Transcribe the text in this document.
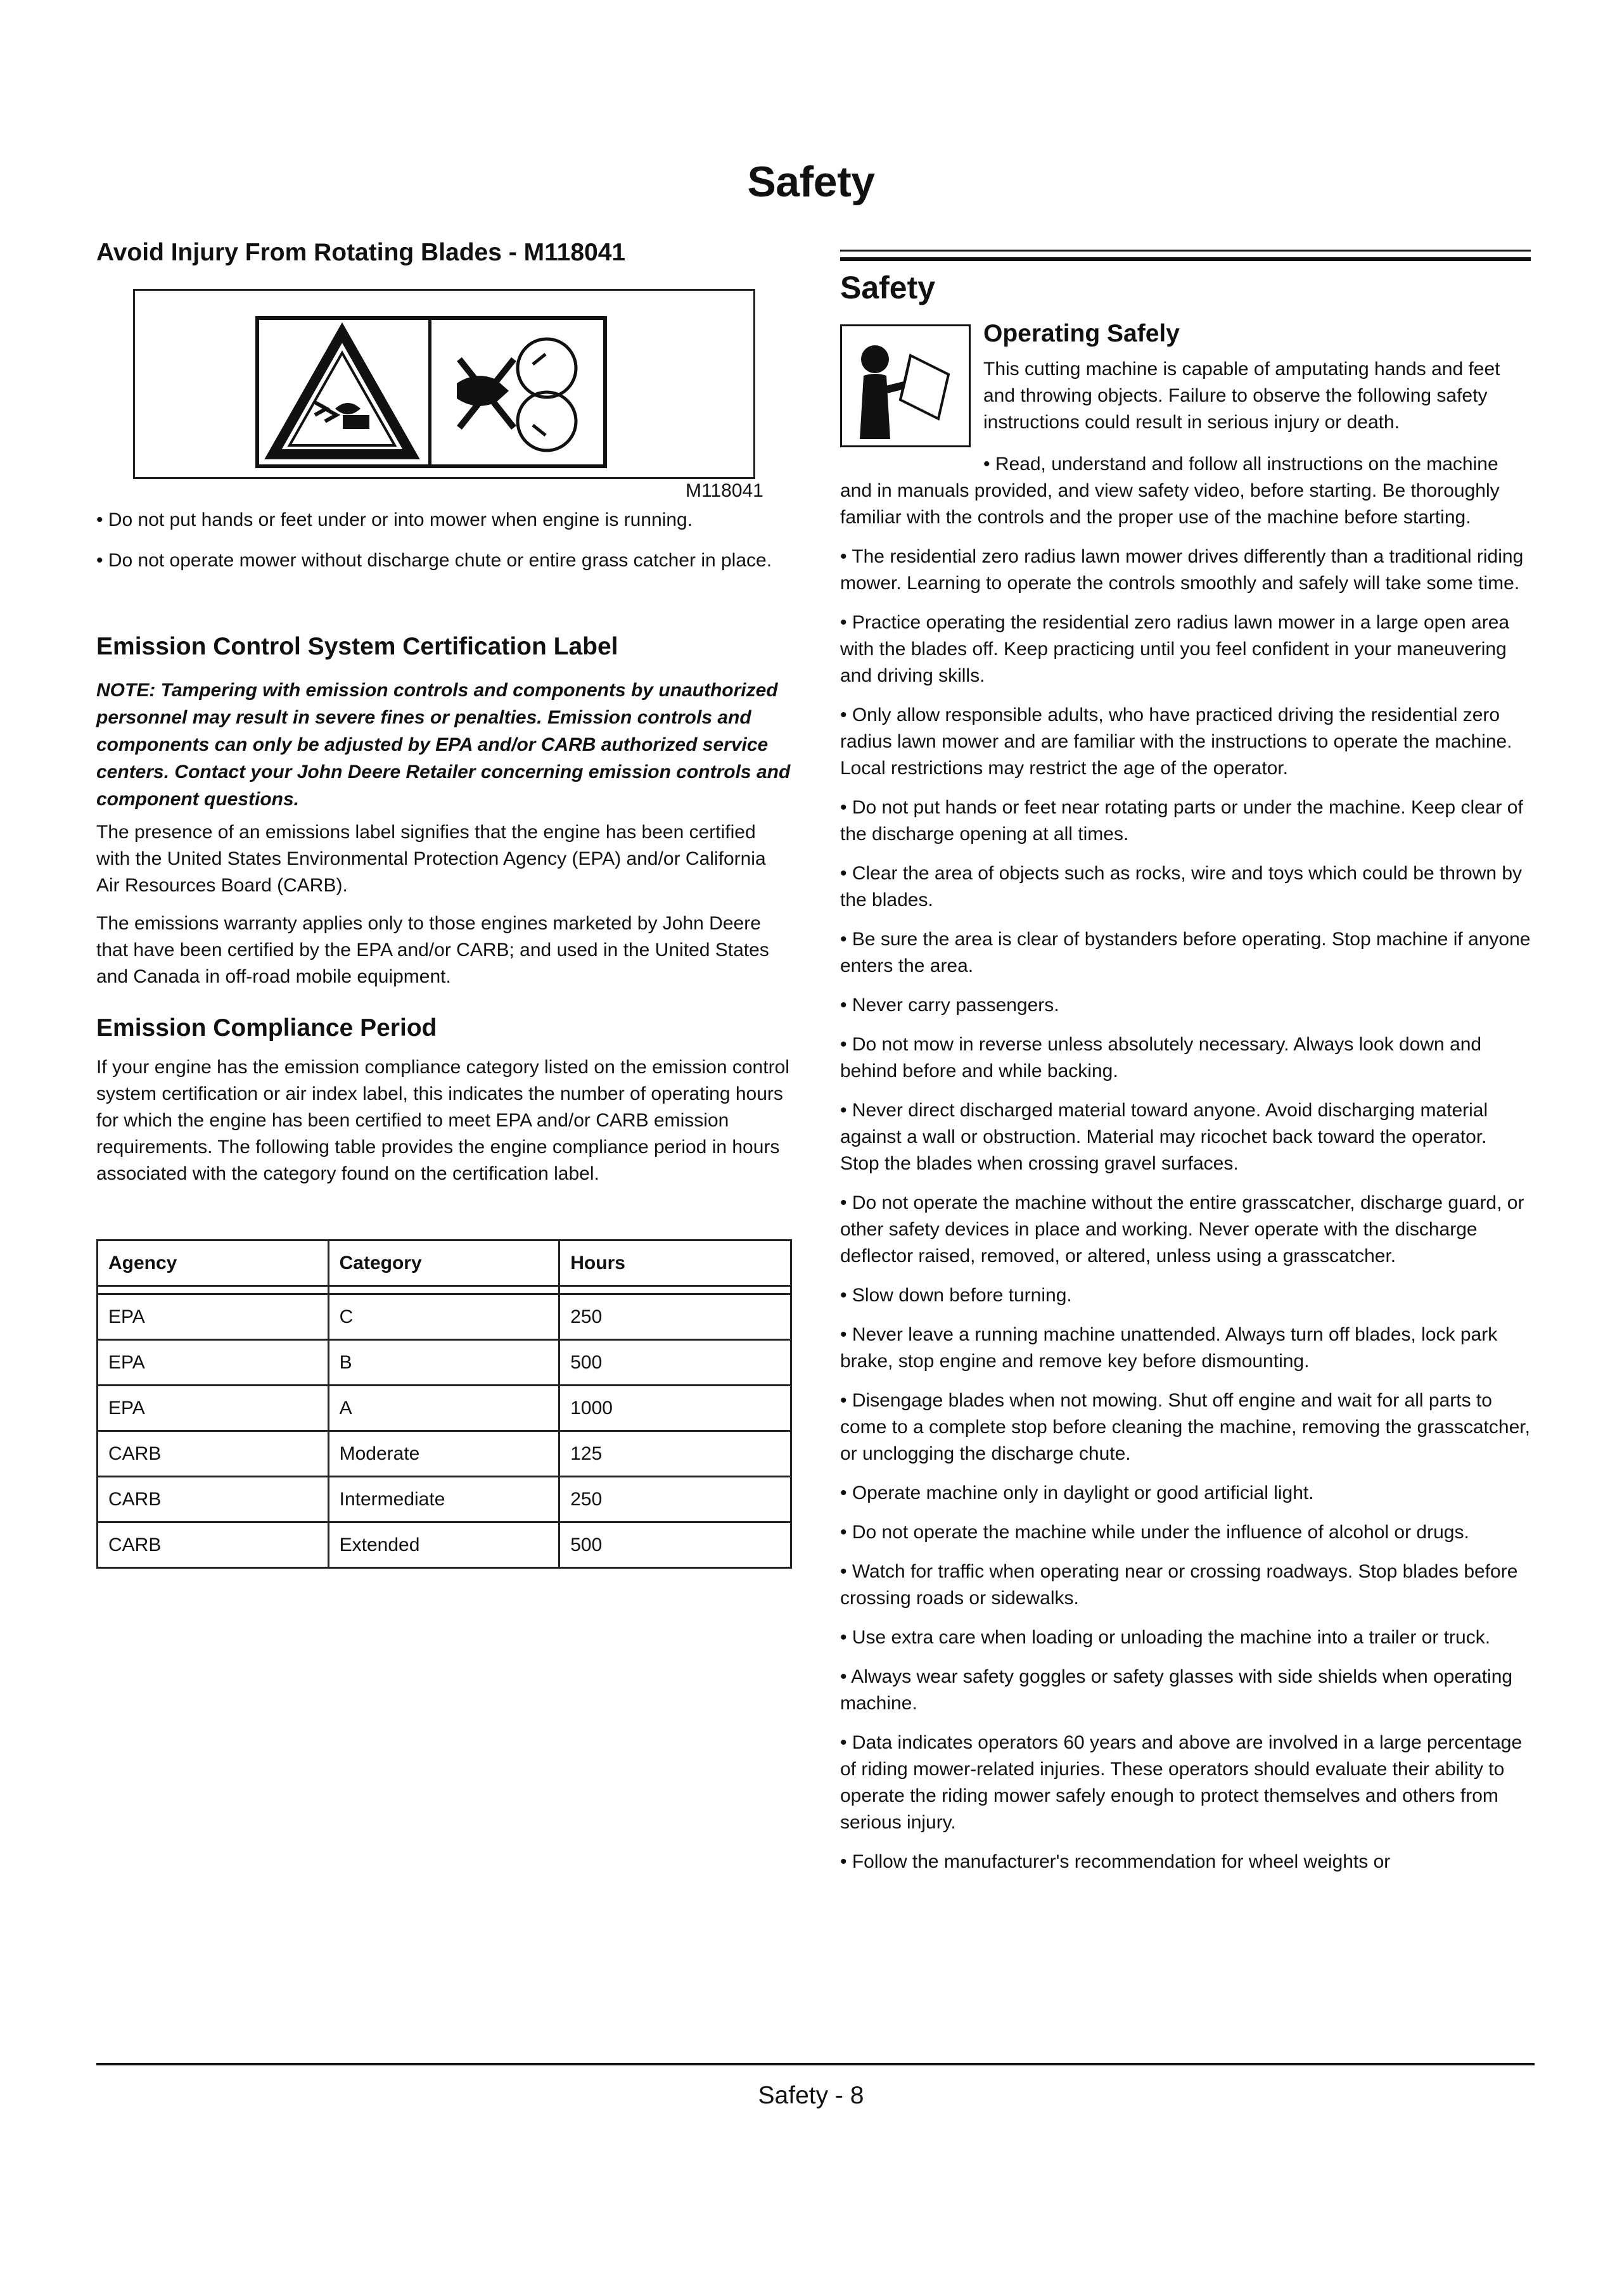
Safety
Avoid Injury From Rotating Blades - M118041
M118041

• Do not put hands or feet under or into mower when engine is running.

• Do not operate mower without discharge chute or entire grass catcher in place.

Emission Control System Certification Label

NOTE: Tampering with emission controls and components by unauthorized personnel may result in severe fines or penalties. Emission controls and components can only be adjusted by EPA and/or CARB authorized service centers. Contact your John Deere Retailer concerning emission controls and component questions.

The presence of an emissions label signifies that the engine has been certified with the United States Environmental Protection Agency (EPA) and/or California Air Resources Board (CARB).

The emissions warranty applies only to those engines marketed by John Deere that have been certified by the EPA and/or CARB; and used in the United States and Canada in off-road mobile equipment.

Emission Compliance Period

If your engine has the emission compliance category listed on the emission control system certification or air index label, this indicates the number of operating hours for which the engine has been certified to meet EPA and/or CARB emission requirements. The following table provides the engine compliance period in hours associated with the category found on the certification label.

Agency	Category	Hours

EPA	C	250
EPA	B	500
EPA	A	1000
CARB	Moderate	125
CARB	Intermediate	250
CARB	Extended	500
Safety
Operating Safely
This cutting machine is capable of amputating hands and feet and throwing objects. Failure to observe the following safety instructions could result in serious injury or death.

• Read, understand and follow all instructions on the machine and in manuals provided, and view safety video, before starting. Be thoroughly familiar with the controls and the proper use of the machine before starting.

• The residential zero radius lawn mower drives differently than a traditional riding mower. Learning to operate the controls smoothly and safely will take some time.

• Practice operating the residential zero radius lawn mower in a large open area with the blades off. Keep practicing until you feel confident in your maneuvering and driving skills.

• Only allow responsible adults, who have practiced driving the residential zero radius lawn mower and are familiar with the instructions to operate the machine. Local restrictions may restrict the age of the operator.

• Do not put hands or feet near rotating parts or under the machine. Keep clear of the discharge opening at all times.

• Clear the area of objects such as rocks, wire and toys which could be thrown by the blades.

• Be sure the area is clear of bystanders before operating. Stop machine if anyone enters the area.

• Never carry passengers.

• Do not mow in reverse unless absolutely necessary. Always look down and behind before and while backing.

• Never direct discharged material toward anyone. Avoid discharging material against a wall or obstruction. Material may ricochet back toward the operator. Stop the blades when crossing gravel surfaces.

• Do not operate the machine without the entire grasscatcher, discharge guard, or other safety devices in place and working. Never operate with the discharge deflector raised, removed, or altered, unless using a grasscatcher.

• Slow down before turning.

• Never leave a running machine unattended. Always turn off blades, lock park brake, stop engine and remove key before dismounting.

• Disengage blades when not mowing. Shut off engine and wait for all parts to come to a complete stop before cleaning the machine, removing the grasscatcher, or unclogging the discharge chute.

• Operate machine only in daylight or good artificial light.

• Do not operate the machine while under the influence of alcohol or drugs.

• Watch for traffic when operating near or crossing roadways. Stop blades before crossing roads or sidewalks.

• Use extra care when loading or unloading the machine into a trailer or truck.

• Always wear safety goggles or safety glasses with side shields when operating machine.

• Data indicates operators 60 years and above are involved in a large percentage of riding mower-related injuries. These operators should evaluate their ability to operate the riding mower safely enough to protect themselves and others from serious injury.

• Follow the manufacturer's recommendation for wheel weights or

Safety - 8
